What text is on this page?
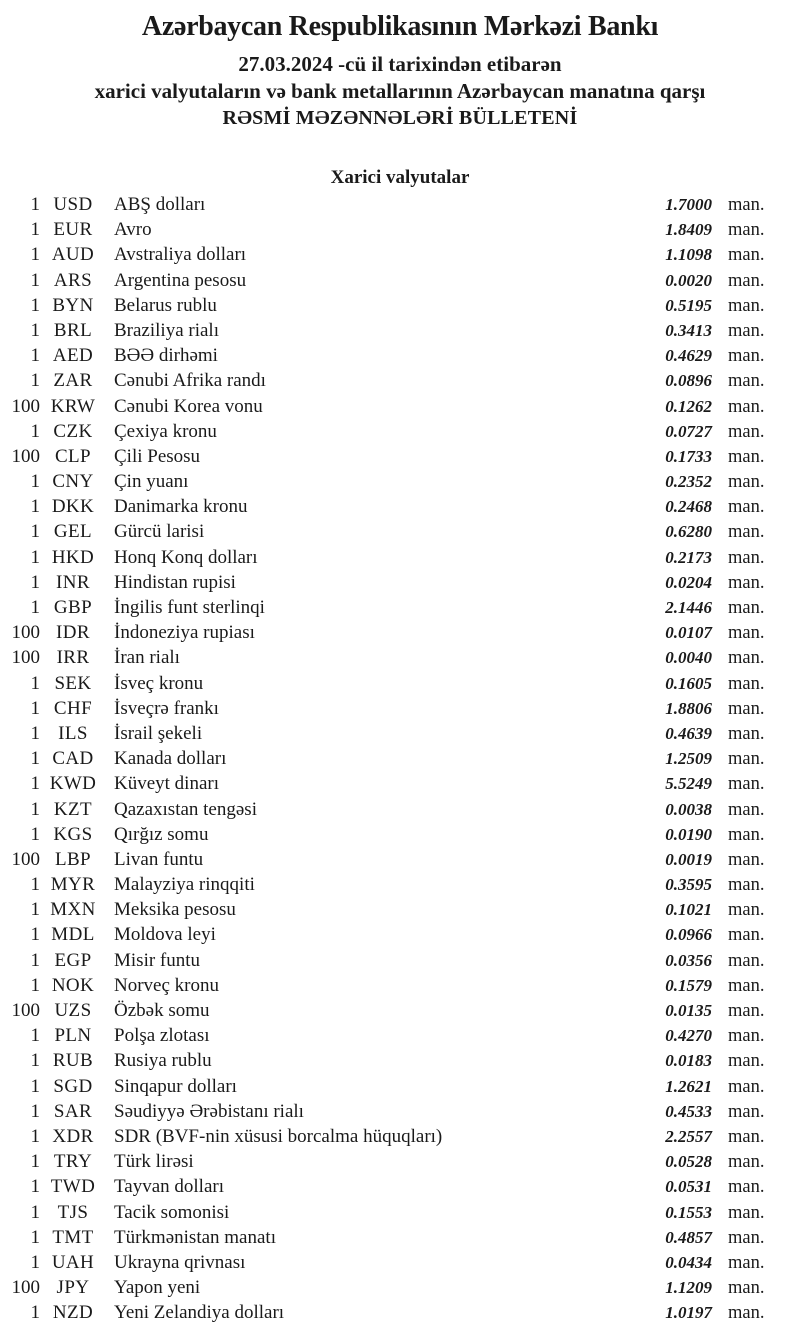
Azərbaycan Respublikasının Mərkəzi Bankı
27.03.2024 -cü il tarixindən etibarən
xarici valyutaların və bank metallarının Azərbaycan manatına qarşı
RƏSMİ MƏZƏNNƏLƏRİ BÜLLETENİ
Xarici valyutalar
1 USD	ABŞ dolları	1.7000 man.
1 EUR	Avro	1.8409 man.
1 AUD	Avstraliya dolları	1.1098 man.
1 ARS	Argentina pesosu	0.0020 man.
1 BYN	Belarus rublu	0.5195 man.
1 BRL	Braziliya rialı	0.3413 man.
1 AED	BƏƏ dirhəmi	0.4629 man.
1 ZAR	Cənubi Afrika randı	0.0896 man.
100 KRW Cənubi Korea vonu	0.1262 man.
1 CZK	Çexiya kronu	0.0727 man.
100 CLP	Çili Pesosu	0.1733 man.
1 CNY	Çin yuanı	0.2352 man.
1 DKK	Danimarka kronu	0.2468 man.
1 GEL	Gürcü larisi	0.6280 man.
1 HKD	Honq Konq dolları	0.2173 man.
1 INR	Hindistan rupisi	0.0204 man.
1 GBP	İngilis funt sterlinqi	2.1446 man.
100 IDR	İndoneziya rupiası	0.0107 man.
100 IRR	İran rialı	0.0040 man.
1 SEK	İsveç kronu	0.1605 man.
1 CHF	İsveçrə frankı	1.8806 man.
1 ILS	İsrail şekeli	0.4639 man.
1 CAD	Kanada dolları	1.2509 man.
1 KWD Küveyt dinarı	5.5249 man.
1 KZT	Qazaxıstan tengəsi	0.0038 man.
1 KGS	Qırğız somu	0.0190 man.
100 LBP	Livan funtu	0.0019 man.
1 MYR Malayziya rinqqiti	0.3595 man.
1 MXN Meksika pesosu	0.1021 man.
1 MDL	Moldova leyi	0.0966 man.
1 EGP	Misir funtu	0.0356 man.
1 NOK	Norveç kronu	0.1579 man.
100 UZS	Özbək somu	0.0135 man.
1 PLN	Polşa zlotası	0.4270 man.
1 RUB	Rusiya rublu	0.0183 man.
1 SGD	Sinqapur dolları	1.2621 man.
1 SAR	Səudiyyə Ərəbistanı rialı	0.4533 man.
1 XDR	SDR (BVF-nin xüsusi borcalma hüquqları)	2.2557 man.
1 TRY	Türk lirəsi	0.0528 man.
1 TWD Tayvan dolları	0.0531 man.
1 TJS	Tacik somonisi	0.1553 man.
1 TMT	Türkmənistan manatı	0.4857 man.
1 UAH	Ukrayna qrivnası	0.0434 man.
100 JPY	Yapon yeni	1.1209 man.
1 NZD	Yeni Zelandiya dolları	1.0197 man.
